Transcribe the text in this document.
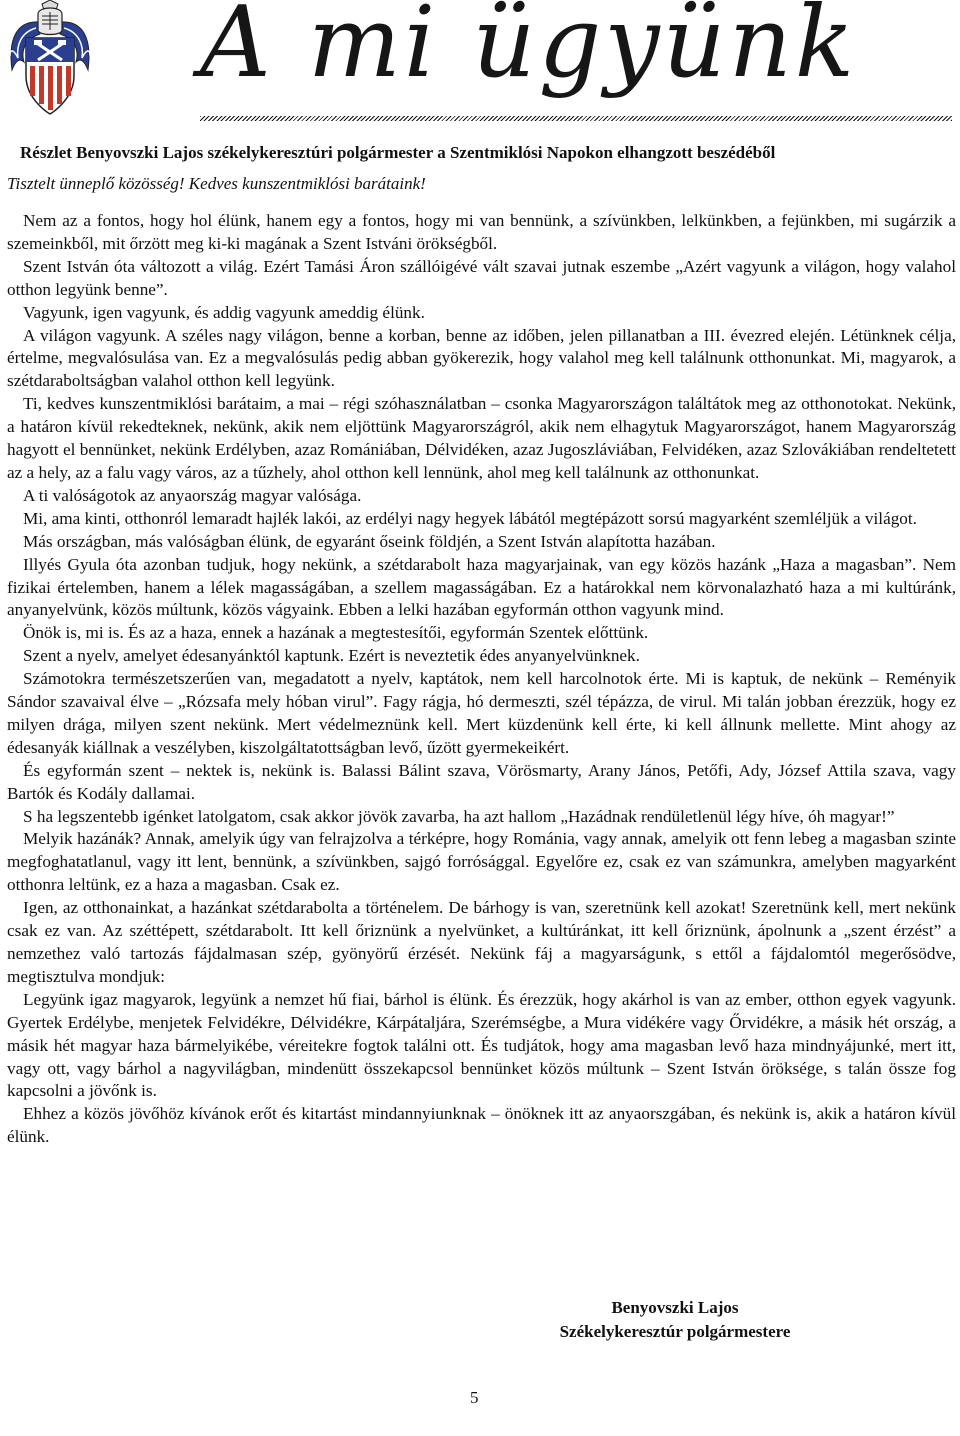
A mi ügyünk
Részlet Benyovszki Lajos székelykeresztúri polgármester a Szentmiklósi Napokon elhangzott beszédéből
Tisztelt ünneplő közösség! Kedves kunszentmiklósi barátaink!

Nem az a fontos, hogy hol élünk, hanem egy a fontos, hogy mi van bennünk, a szívünkben, lelkünkben, a fejünkben, mi sugárzik a szemeinkből, mit őrzött meg ki-ki magának a Szent Istváni örökségből.

Szent István óta változott a világ. Ezért Tamási Áron szállóigévé vált szavai jutnak eszembe „Azért vagyunk a világon, hogy valahol otthon legyünk benne”.

Vagyunk, igen vagyunk, és addig vagyunk ameddig élünk.

A világon vagyunk. A széles nagy világon, benne a korban, benne az időben, jelen pillanatban a III. évezred elején. Létünknek célja, értelme, megvalósulása van. Ez a megvalósulás pedig abban gyökerezik, hogy valahol meg kell találnunk otthonunkat. Mi, magyarok, a szétdaraboltságban valahol otthon kell legyünk.

Ti, kedves kunszentmiklósi barátaim, a mai – régi szóhasználatban – csonka Magyarországon találtátok meg az otthonotokat. Nekünk, a határon kívül rekedteknek, nekünk, akik nem eljöttünk Magyarországról, akik nem elhagytuk Magyarországot, hanem Magyarország hagyott el bennünket, nekünk Erdélyben, azaz Romániában, Délvidéken, azaz Jugoszláviában, Felvidéken, azaz Szlovákiában rendeltetett az a hely, az a falu vagy város, az a tűzhely, ahol otthon kell lennünk, ahol meg kell találnunk az otthonunkat.

A ti valóságotok az anyaország magyar valósága.

Mi, ama kinti, otthonról lemaradt hajlék lakói, az erdélyi nagy hegyek lábától megtépázott sorsú magyarként szemléljük a világot.

Más országban, más valóságban élünk, de egyaránt őseink földjén, a Szent István alapította hazában.

Illyés Gyula óta azonban tudjuk, hogy nekünk, a szétdarabolt haza magyarjainak, van egy közös hazánk „Haza a magasban”. Nem fizikai értelemben, hanem a lélek magasságában, a szellem magasságában. Ez a határokkal nem körvonalazható haza a mi kultúránk, anyanyelvünk, közös múltunk, közös vágyaink. Ebben a lelki hazában egyformán otthon vagyunk mind.

Önök is, mi is. És az a haza, ennek a hazának a megtestesítői, egyformán Szentek előttünk.

Szent a nyelv, amelyet édesanyánktól kaptunk. Ezért is neveztetik édes anyanyelvünknek.

Számotokra természetszerűen van, megadatott a nyelv, kaptátok, nem kell harcolnotok érte. Mi is kaptuk, de nekünk – Reményik Sándor szavaival élve – „Rózsafa mely hóban virul”. Fagy rágja, hó dermeszti, szél tépázza, de virul. Mi talán jobban érezzük, hogy ez milyen drága, milyen szent nekünk. Mert védelmeznünk kell. Mert küzdenünk kell érte, ki kell állnunk mellette. Mint ahogy az édesanyák kiállnak a veszélyben, kiszolgáltatottságban levő, űzött gyermekeikért.

És egyformán szent – nektek is, nekünk is. Balassi Bálint szava, Vörösmarty, Arany János, Petőfi, Ady, József Attila szava, vagy Bartók és Kodály dallamai.

S ha legszentebb igénket latolgatom, csak akkor jövök zavarba, ha azt hallom „Hazádnak rendületlenül légy híve, óh magyar!”

Melyik hazánák? Annak, amelyik úgy van felrajzolva a térképre, hogy Románia, vagy annak, amelyik ott fenn lebeg a magasban szinte megfoghatatlanul, vagy itt lent, bennünk, a szívünkben, sajgó forrósággal. Egyelőre ez, csak ez van számunkra, amelyben magyarként otthonra leltünk, ez a haza a magasban. Csak ez.

Igen, az otthonainkat, a hazánkat szétdarabolta a történelem. De bárhogy is van, szeretnünk kell azokat! Szeretnünk kell, mert nekünk csak ez van. Az széttépett, szétdarabolt. Itt kell őriznünk a nyelvünket, a kultúránkat, itt kell őriznünk, ápolnunk a „szent érzést” a nemzethez való tartozás fájdalmasan szép, gyönyörű érzését. Nekünk fáj a magyarságunk, s ettől a fájdalomtól megerősödve, megtisztulva mondjuk:

Legyünk igaz magyarok, legyünk a nemzet hű fiai, bárhol is élünk. És érezzük, hogy akárhol is van az ember, otthon egyek vagyunk. Gyertek Erdélybe, menjetek Felvidékre, Délvidékre, Kárpátaljára, Szerémségbe, a Mura vidékére vagy Őrvidékre, a másik hét ország, a másik hét magyar haza bármelyikébe, véreitekre fogtok találni ott. És tudjátok, hogy ama magasban levő haza mindnyájunké, mert itt, vagy ott, vagy bárhol a nagyvilágban, mindenütt összekapcsol bennünket közös múltunk – Szent István öröksége, s talán össze fog kapcsolni a jövőnk is.

Ehhez a közös jövőhöz kívánok erőt és kitartást mindannyiunknak – önöknek itt az anyaorszgában, és nekünk is, akik a határon kívül élünk.

Benyovszki Lajos
Székelykeresztúr polgármestere
5
